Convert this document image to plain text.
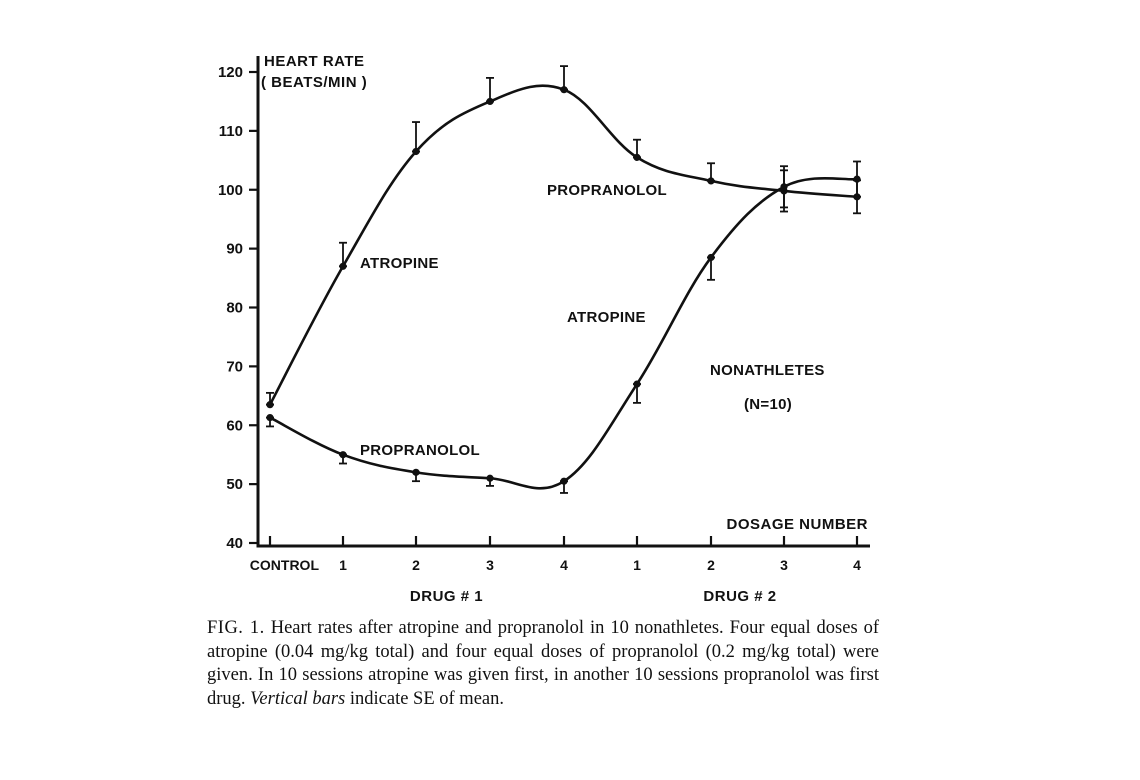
40
50
60
70
80
90
100
110
120
CONTROL 1	2	3	4	1	2	3	4
DRUG # 1	DRUG # 2
HEART RATE
( BEATS/MIN )
DOSAGE NUMBER
ATROPINE
PROPRANOLOL
PROPRANOLOL
ATROPINE
NONATHLETES
(N=10)
FIG. 1. Heart rates after atropine and propranolol in 10 nonathletes. Four equal doses of atropine (0.04 mg/kg total) and four equal doses of propranolol (0.2 mg/kg total) were given. In 10 sessions atropine was given first, in another 10 sessions propranolol was first drug. Vertical bars indicate SE of mean.
